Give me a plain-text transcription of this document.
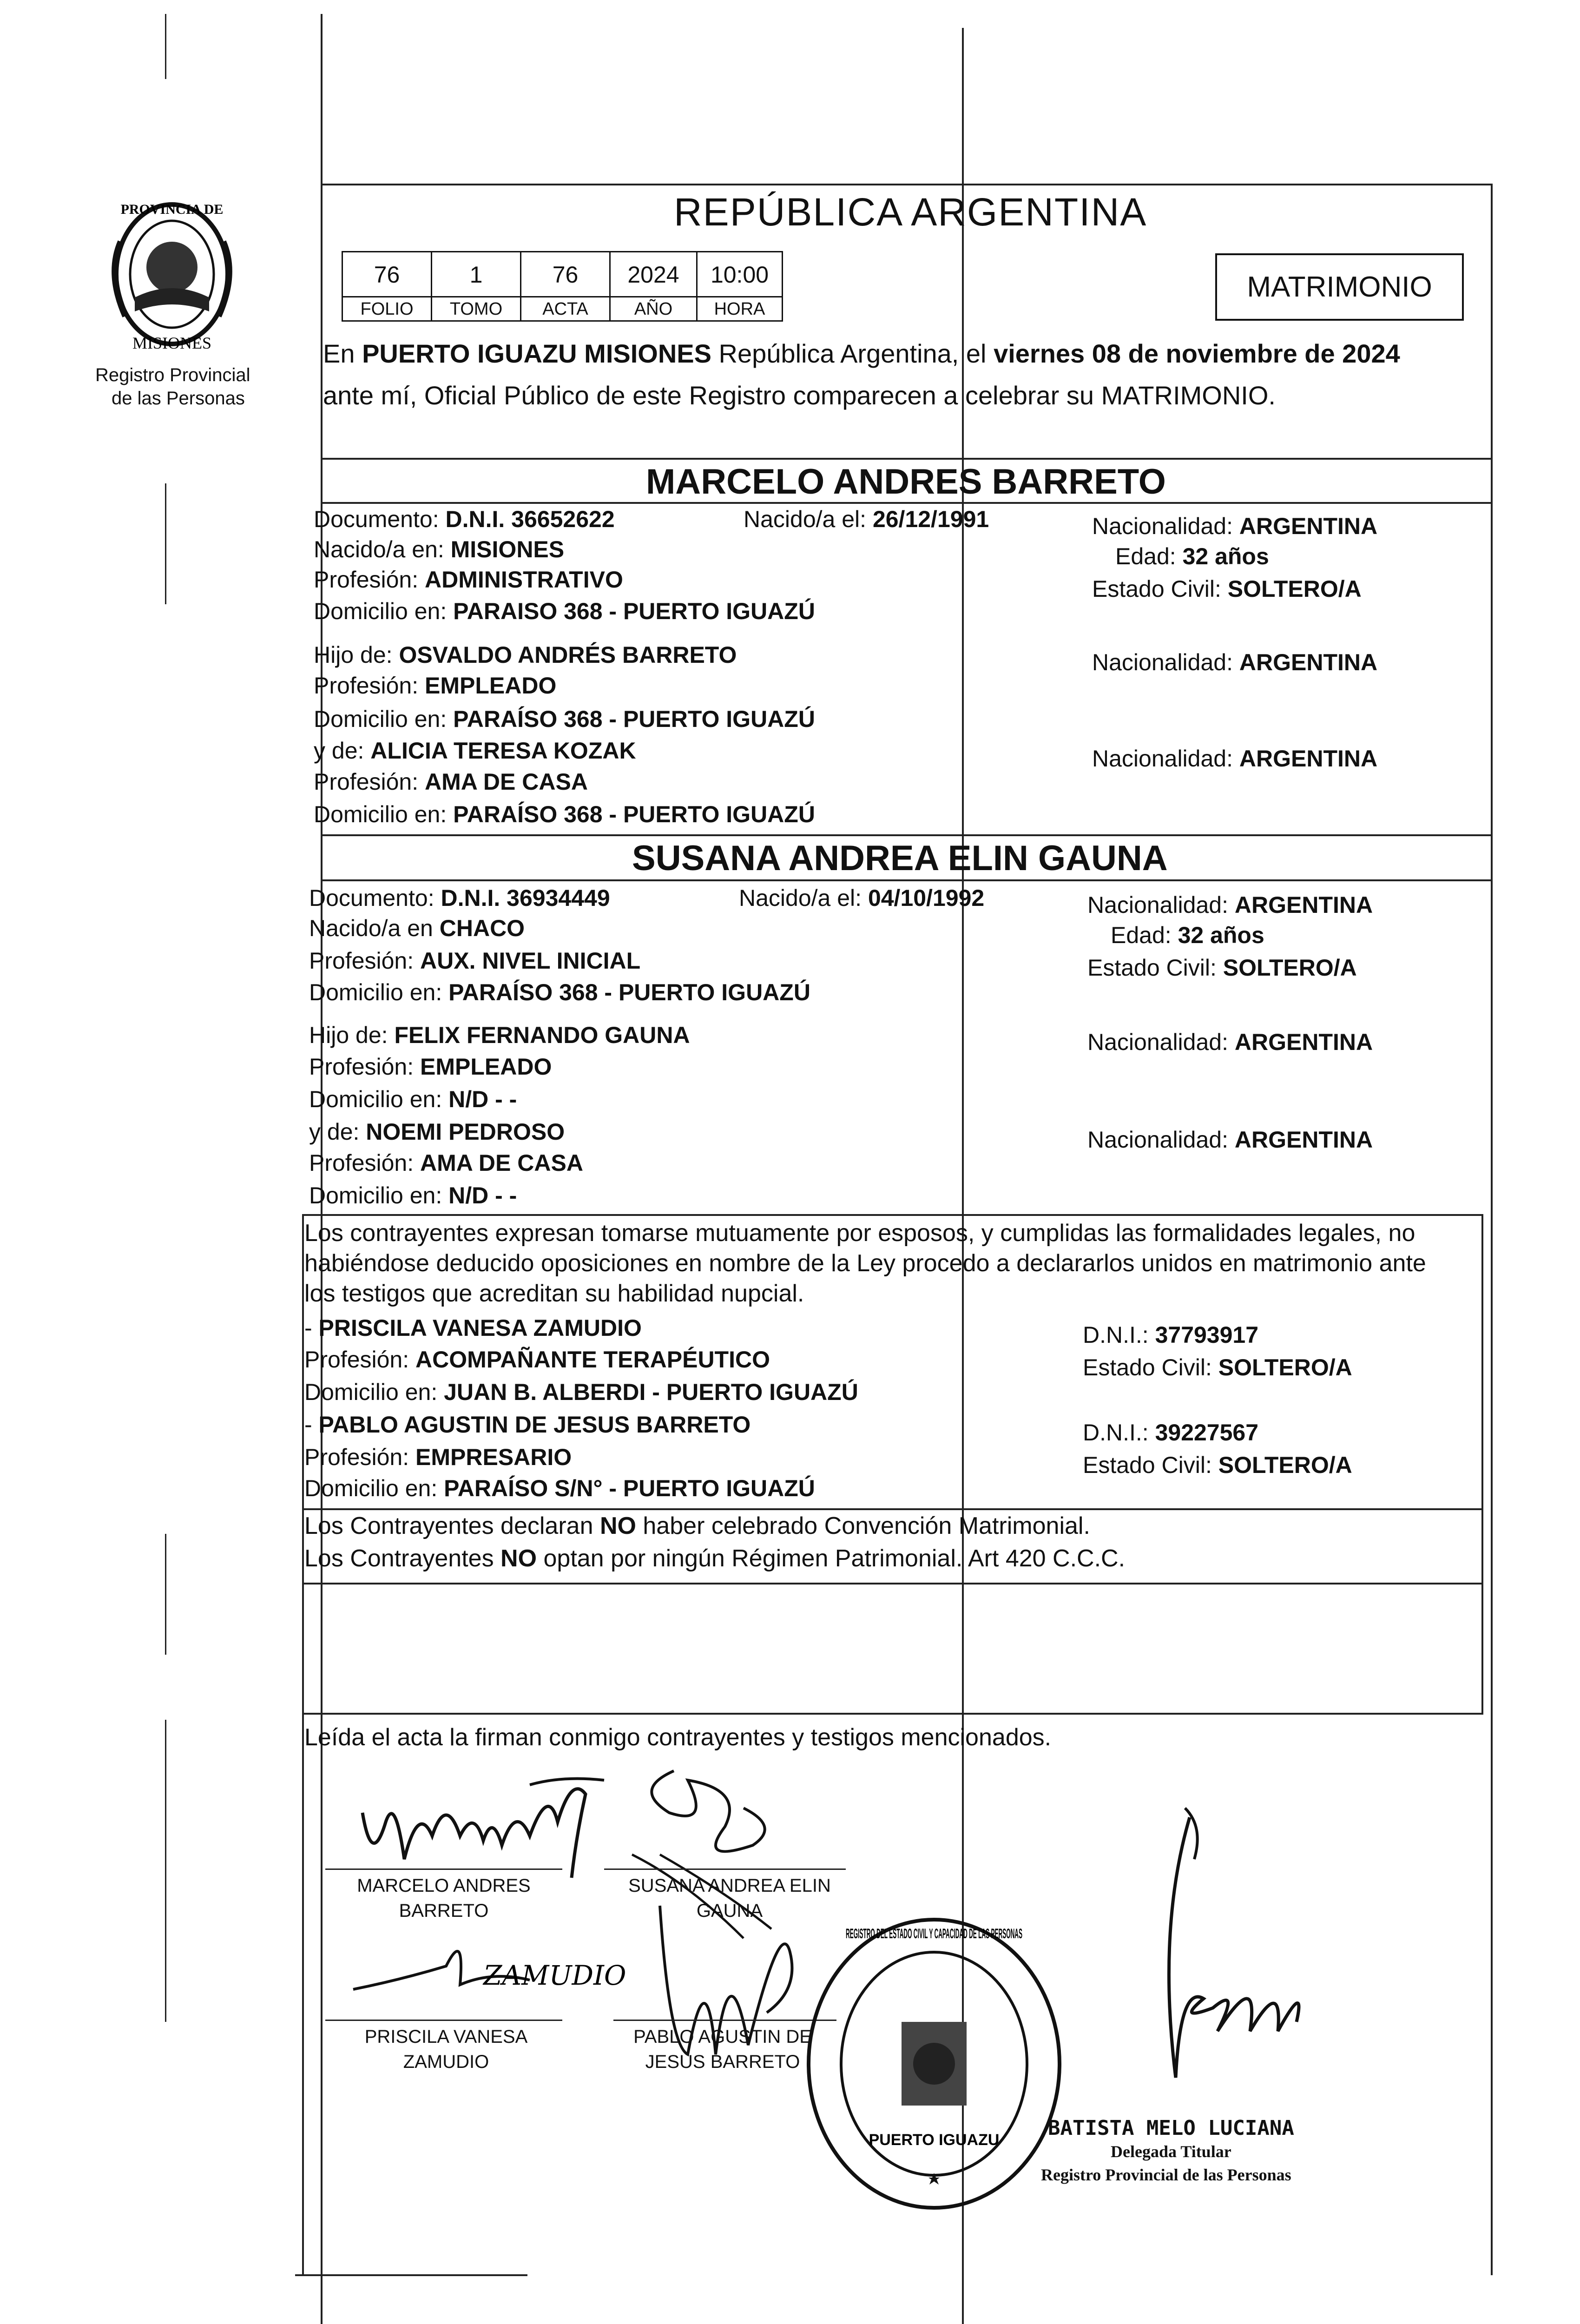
PROVINCIA DE
MISIONES
Registro Provincial
de las Personas
REPÚBLICA ARGENTINA
76	1	76	2024	10:00
FOLIO	TOMO	ACTA	AÑO	HORA
MATRIMONIO
En PUERTO IGUAZU MISIONES República Argentina, el viernes 08 de noviembre de 2024
ante mí, Oficial Público de este Registro comparecen a celebrar su MATRIMONIO.
MARCELO ANDRES BARRETO
Documento: D.N.I. 36652622	Nacido/a el: 26/12/1991	Nacionalidad: ARGENTINA
Nacido/a en: MISIONES	Edad: 32 años
Profesión: ADMINISTRATIVO	Estado Civil: SOLTERO/A
Domicilio en: PARAISO 368 - PUERTO IGUAZÚ
Hijo de: OSVALDO ANDRÉS BARRETO	Nacionalidad: ARGENTINA
Profesión: EMPLEADO
Domicilio en: PARAÍSO 368 - PUERTO IGUAZÚ
y de: ALICIA TERESA KOZAK	Nacionalidad: ARGENTINA
Profesión: AMA DE CASA
Domicilio en: PARAÍSO 368 - PUERTO IGUAZÚ
SUSANA ANDREA ELIN GAUNA
Documento: D.N.I. 36934449	Nacido/a el: 04/10/1992	Nacionalidad: ARGENTINA
Nacido/a en CHACO	Edad: 32 años
Profesión: AUX. NIVEL INICIAL	Estado Civil: SOLTERO/A
Domicilio en: PARAÍSO 368 - PUERTO IGUAZÚ
Hijo de: FELIX FERNANDO GAUNA	Nacionalidad: ARGENTINA
Profesión: EMPLEADO
Domicilio en: N/D - -
y de: NOEMI PEDROSO	Nacionalidad: ARGENTINA
Profesión: AMA DE CASA
Domicilio en: N/D - -
Los contrayentes expresan tomarse mutuamente por esposos, y cumplidas las formalidades legales, no
habiéndose deducido oposiciones en nombre de la Ley procedo a declararlos unidos en matrimonio ante
los testigos que acreditan su habilidad nupcial.
- PRISCILA VANESA ZAMUDIO	D.N.I.: 37793917
Profesión: ACOMPAÑANTE TERAPÉUTICO	Estado Civil: SOLTERO/A
Domicilio en: JUAN B. ALBERDI - PUERTO IGUAZÚ
- PABLO AGUSTIN DE JESUS BARRETO	D.N.I.: 39227567
Profesión: EMPRESARIO	Estado Civil: SOLTERO/A
Domicilio en: PARAÍSO S/N° - PUERTO IGUAZÚ
Los Contrayentes declaran NO haber celebrado Convención Matrimonial.
Los Contrayentes NO optan por ningún Régimen Patrimonial. Art 420 C.C.C.
Leída el acta la firman conmigo contrayentes y testigos mencionados.
MARCELO ANDRES
BARRETO
SUSANA ANDREA ELIN
GAUNA
ZAMUDIO
PRISCILA VANESA
ZAMUDIO
PABLO AGUSTIN DE
JESUS BARRETO
REGISTRO DEL ESTADO CIVIL Y CAPACIDAD DE LAS PERSONAS
PUERTO IGUAZU BATISTA MELO LUCIANA
Delegada Titular
Registro Provincial de las Personas
